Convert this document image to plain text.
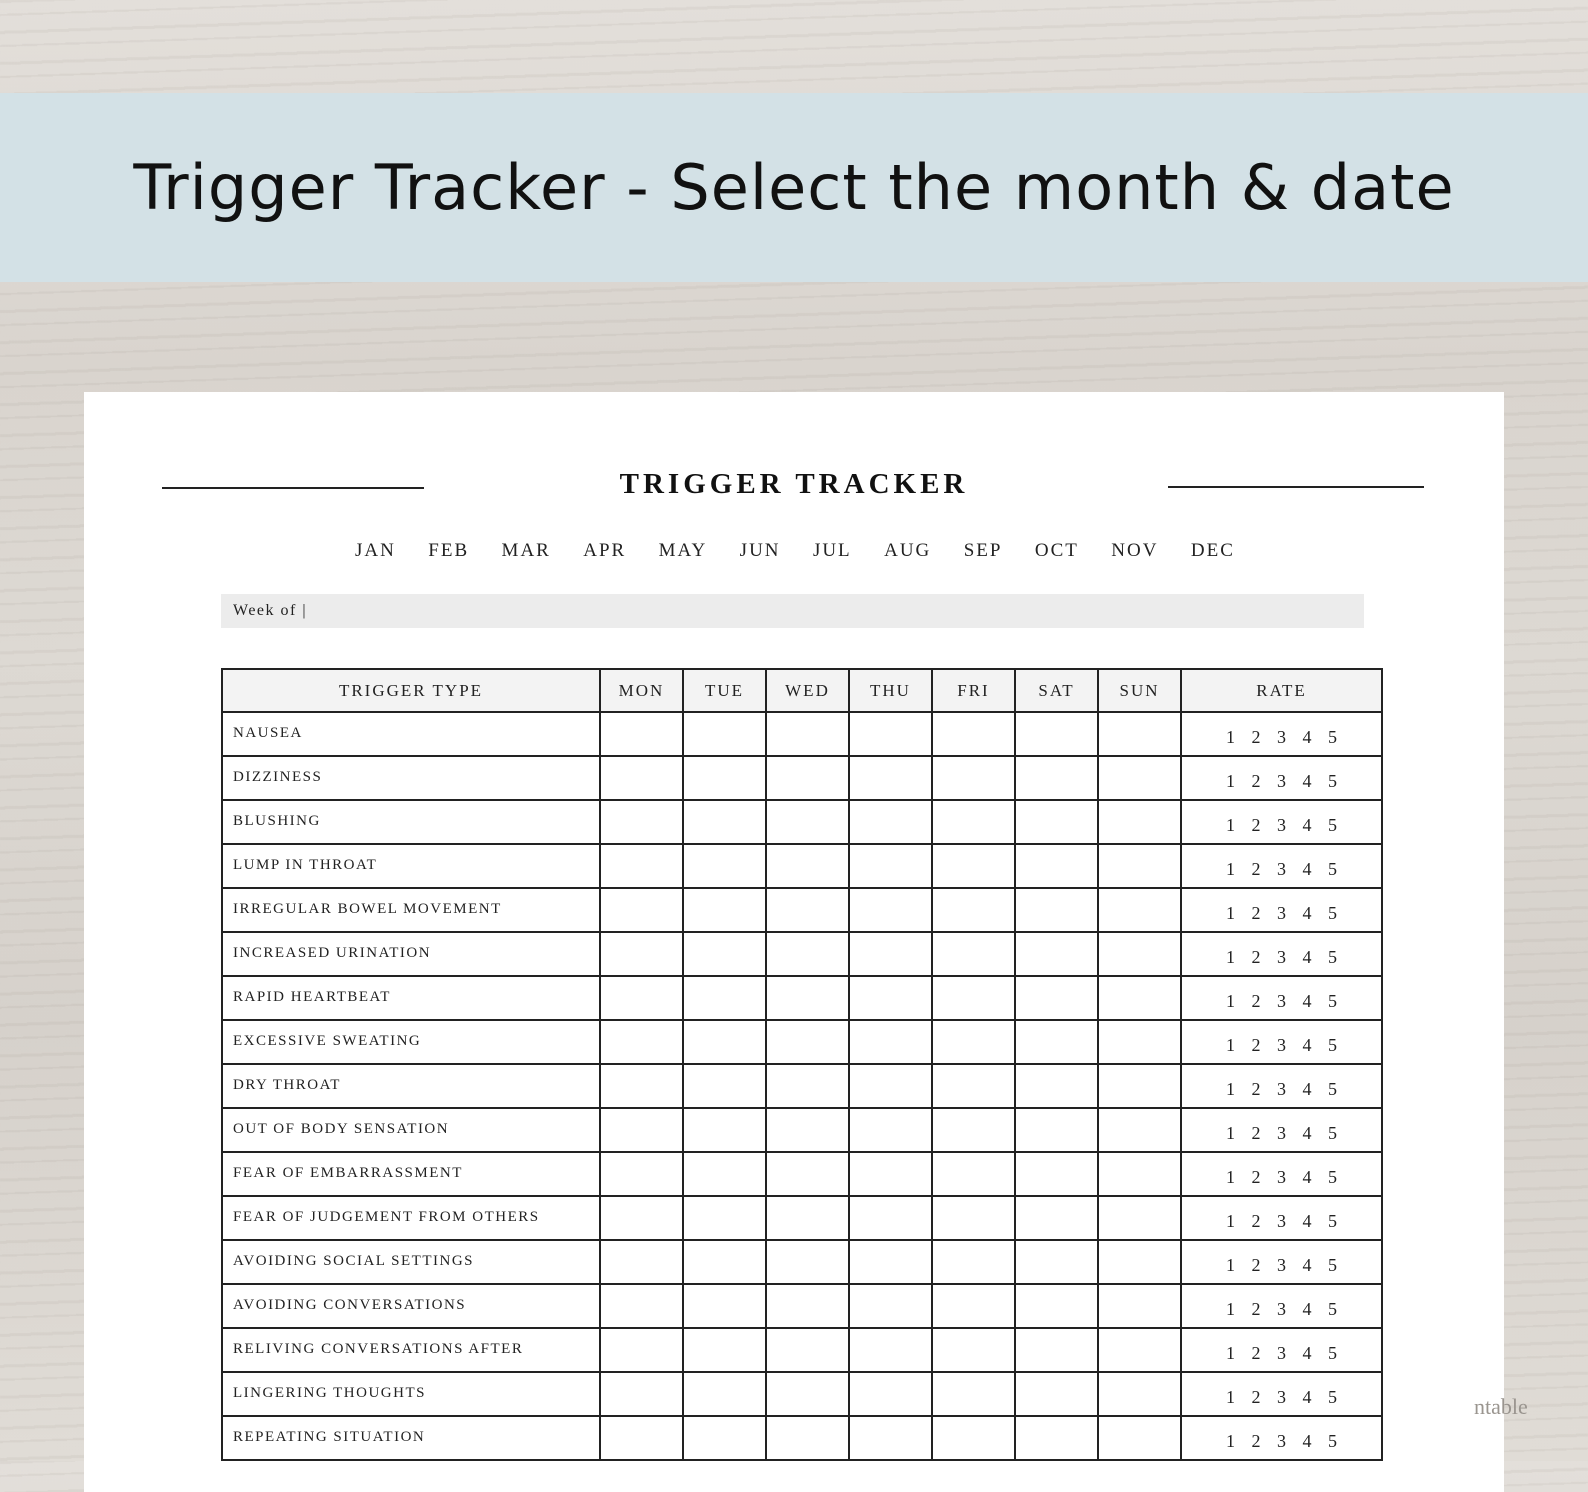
Trigger Tracker - Select the month & date
TRIGGER TRACKER
JAN FEB MAR APR MAY JUN JUL AUG SEP OCT NOV DEC
Week of |
TRIGGER TYPE	MON	TUE	WED	THU	FRI	SAT	SUN	RATE
NAUSEA								1 2 3 4 5
DIZZINESS								1 2 3 4 5
BLUSHING								1 2 3 4 5
LUMP IN THROAT								1 2 3 4 5
IRREGULAR BOWEL MOVEMENT								1 2 3 4 5
INCREASED URINATION								1 2 3 4 5
RAPID HEARTBEAT								1 2 3 4 5
EXCESSIVE SWEATING								1 2 3 4 5
DRY THROAT								1 2 3 4 5
OUT OF BODY SENSATION								1 2 3 4 5
FEAR OF EMBARRASSMENT								1 2 3 4 5
FEAR OF JUDGEMENT FROM OTHERS								1 2 3 4 5
AVOIDING SOCIAL SETTINGS								1 2 3 4 5
AVOIDING CONVERSATIONS								1 2 3 4 5
RELIVING CONVERSATIONS AFTER								1 2 3 4 5
LINGERING THOUGHTS								1 2 3 4 5
REPEATING SITUATION								1 2 3 4 5
ntable
